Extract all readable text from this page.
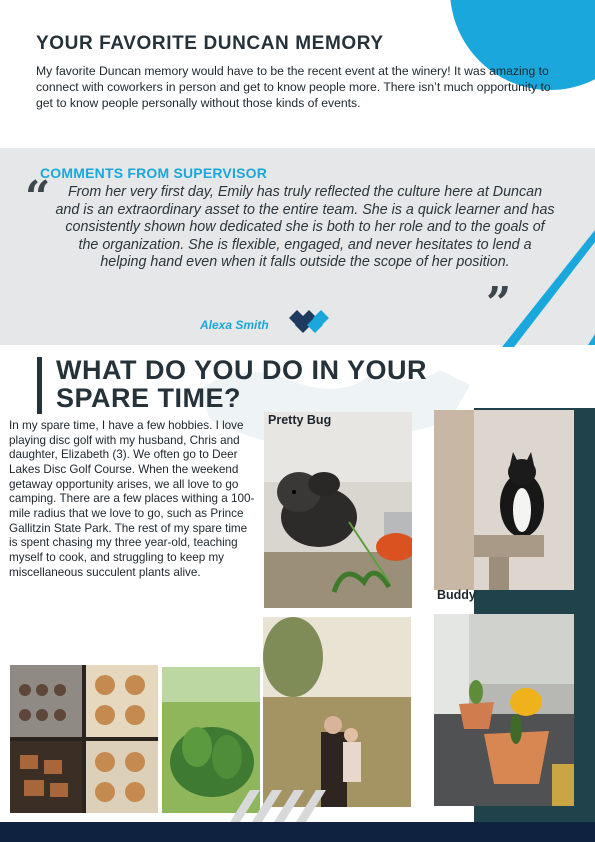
YOUR FAVORITE DUNCAN MEMORY
My favorite Duncan memory would have to be the recent event at the winery! It was amazing to connect with coworkers in person and get to know people more. There isn’t much opportunity to get to know people personally without those kinds of events.
COMMENTS FROM SUPERVISOR
“	From her very first day, Emily has truly reflected the culture here at Duncan and is an extraordinary asset to the entire team. She is a quick learner and has consistently shown how dedicated she is both to her role and to the goals of the organization. She is flexible, engaged, and never hesitates to lend a helping hand even when it falls outside the scope of her position.
”
Alexa Smith
WHAT DO YOU DO IN YOUR SPARE TIME?
In my spare time, I have a few hobbies. I love playing disc golf with my husband, Chris and daughter, Elizabeth (3). We often go to Deer Lakes Disc Golf Course. When the weekend getaway opportunity arises, we all love to go camping. There are a few places withing a 100-mile radius that we love to go, such as Prince Gallitzin State Park. The rest of my spare time is spent chasing my three year-old, teaching myself to cook, and struggling to keep my miscellaneous succulent plants alive.
Pretty Bug
Buddy
